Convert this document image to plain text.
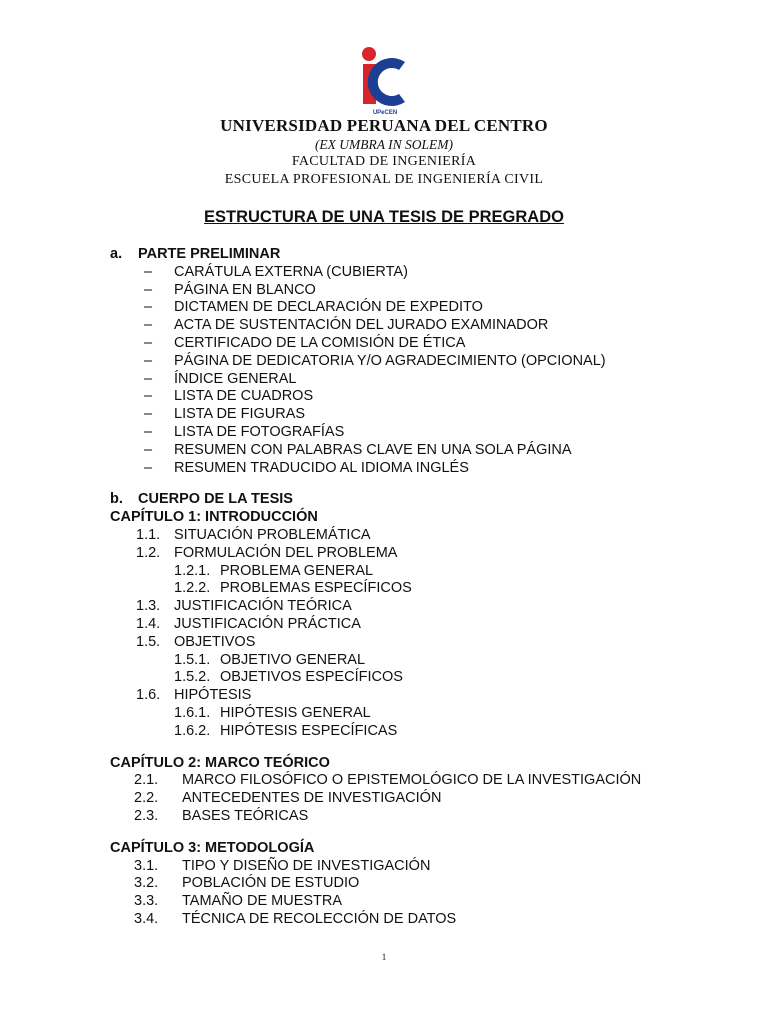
UPeCEN
UNIVERSIDAD PERUANA DEL CENTRO
(EX UMBRA IN SOLEM)
FACULTAD DE INGENIERÍA
ESCUELA PROFESIONAL DE INGENIERÍA CIVIL
ESTRUCTURA DE UNA TESIS DE PREGRADO
a. PARTE PRELIMINAR
– CARÁTULA EXTERNA (CUBIERTA)
– PÁGINA EN BLANCO
– DICTAMEN DE DECLARACIÓN DE EXPEDITO
– ACTA DE SUSTENTACIÓN DEL JURADO EXAMINADOR
– CERTIFICADO DE LA COMISIÓN DE ÉTICA
– PÁGINA DE DEDICATORIA Y/O AGRADECIMIENTO (OPCIONAL)
– ÍNDICE GENERAL
– LISTA DE CUADROS
– LISTA DE FIGURAS
– LISTA DE FOTOGRAFÍAS
– RESUMEN CON PALABRAS CLAVE EN UNA SOLA PÁGINA
– RESUMEN TRADUCIDO AL IDIOMA INGLÉS
b. CUERPO DE LA TESIS
CAPÍTULO 1: INTRODUCCIÓN
1.1. SITUACIÓN PROBLEMÁTICA
1.2. FORMULACIÓN DEL PROBLEMA
1.2.1. PROBLEMA GENERAL
1.2.2. PROBLEMAS ESPECÍFICOS
1.3. JUSTIFICACIÓN TEÓRICA
1.4. JUSTIFICACIÓN PRÁCTICA
1.5. OBJETIVOS
1.5.1. OBJETIVO GENERAL
1.5.2. OBJETIVOS ESPECÍFICOS
1.6. HIPÓTESIS
1.6.1. HIPÓTESIS GENERAL
1.6.2. HIPÓTESIS ESPECÍFICAS
CAPÍTULO 2: MARCO TEÓRICO
2.1. MARCO FILOSÓFICO O EPISTEMOLÓGICO DE LA INVESTIGACIÓN
2.2. ANTECEDENTES DE INVESTIGACIÓN
2.3. BASES TEÓRICAS
CAPÍTULO 3: METODOLOGÍA
3.1. TIPO Y DISEÑO DE INVESTIGACIÓN
3.2. POBLACIÓN DE ESTUDIO
3.3. TAMAÑO DE MUESTRA
3.4. TÉCNICA DE RECOLECCIÓN DE DATOS
1
